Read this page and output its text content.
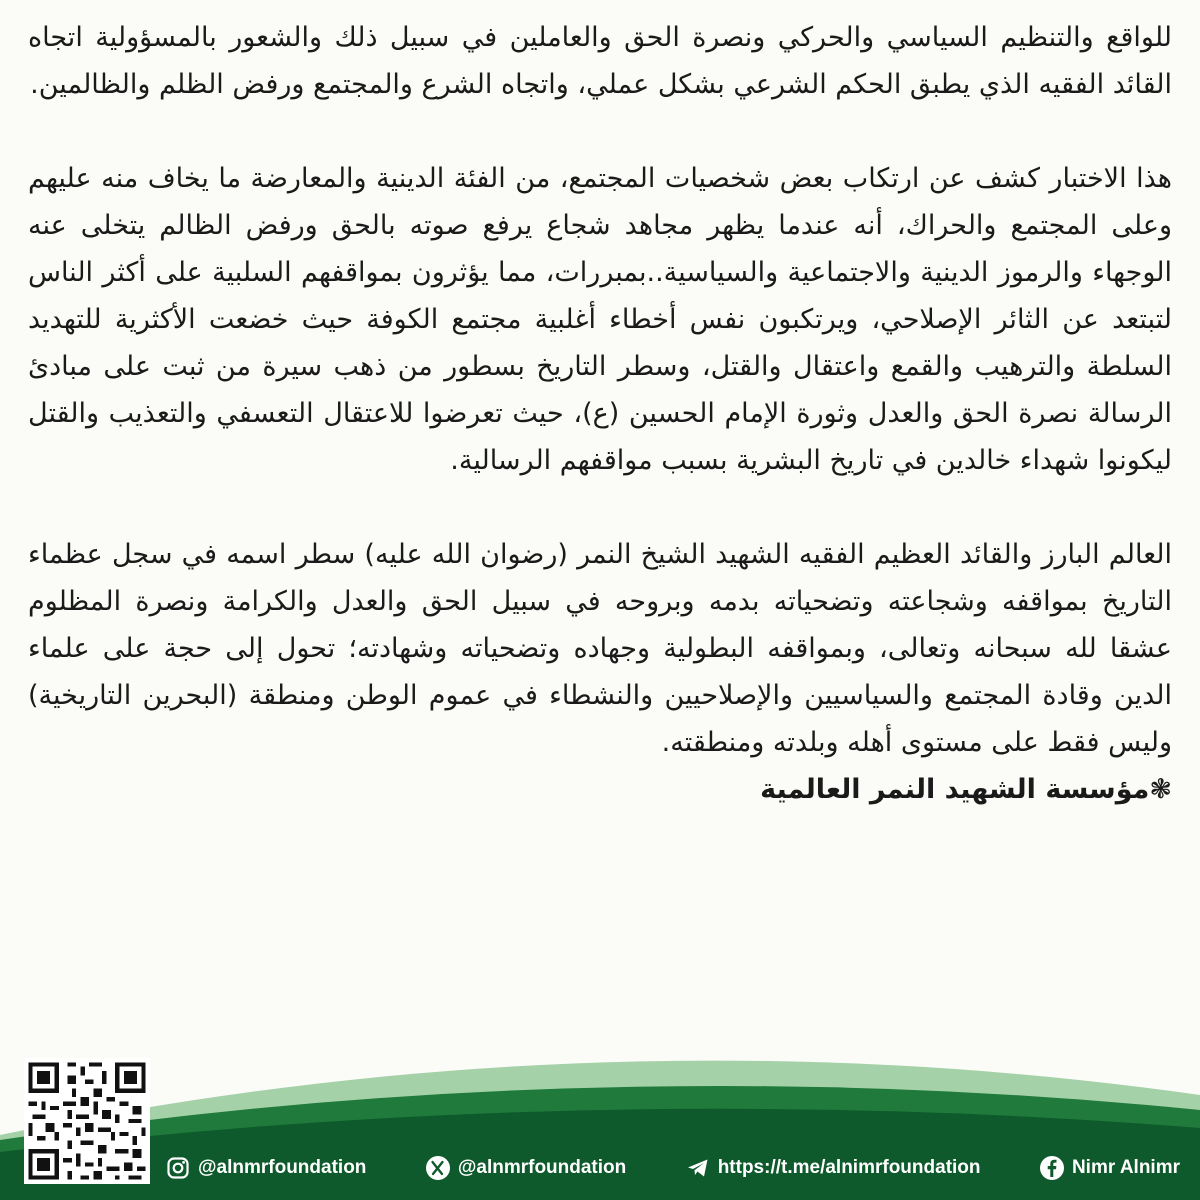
للواقع والتنظيم السياسي والحركي ونصرة الحق والعاملين في سبيل ذلك والشعور بالمسؤولية اتجاه القائد الفقيه الذي يطبق الحكم الشرعي بشكل عملي، واتجاه الشرع والمجتمع ورفض الظلم والظالمين.

هذا الاختبار كشف عن ارتكاب بعض شخصيات المجتمع، من الفئة الدينية والمعارضة ما يخاف منه عليهم وعلى المجتمع والحراك، أنه عندما يظهر مجاهد شجاع يرفع صوته بالحق ورفض الظالم يتخلى عنه الوجهاء والرموز الدينية والاجتماعية والسياسية..بمبررات، مما يؤثرون بمواقفهم السلبية على أكثر الناس لتبتعد عن الثائر الإصلاحي، ويرتكبون نفس أخطاء أغلبية مجتمع الكوفة حيث خضعت الأكثرية للتهديد السلطة والترهيب والقمع واعتقال والقتل، وسطر التاريخ بسطور من ذهب سيرة من ثبت على مبادئ الرسالة نصرة الحق والعدل وثورة الإمام الحسين (ع)، حيث تعرضوا للاعتقال التعسفي والتعذيب والقتل ليكونوا شهداء خالدين في تاريخ البشرية بسبب مواقفهم الرسالية.

العالم البارز والقائد العظيم الفقيه الشهيد الشيخ النمر (رضوان الله عليه) سطر اسمه في سجل عظماء التاريخ بمواقفه وشجاعته وتضحياته بدمه وبروحه في سبيل الحق والعدل والكرامة ونصرة المظلوم عشقا لله سبحانه وتعالى، وبمواقفه البطولية وجهاده وتضحياته وشهادته؛ تحول إلى حجة على علماء الدين وقادة المجتمع والسياسيين والإصلاحيين والنشطاء في عموم الوطن ومنطقة (البحرين التاريخية) وليس فقط على مستوى أهله وبلدته ومنطقته.

❃مؤسسة الشهيد النمر العالمية
@alnmrfoundation	@alnmrfoundation	https://t.me/alnimrfoundation	Nimr Alnimr
